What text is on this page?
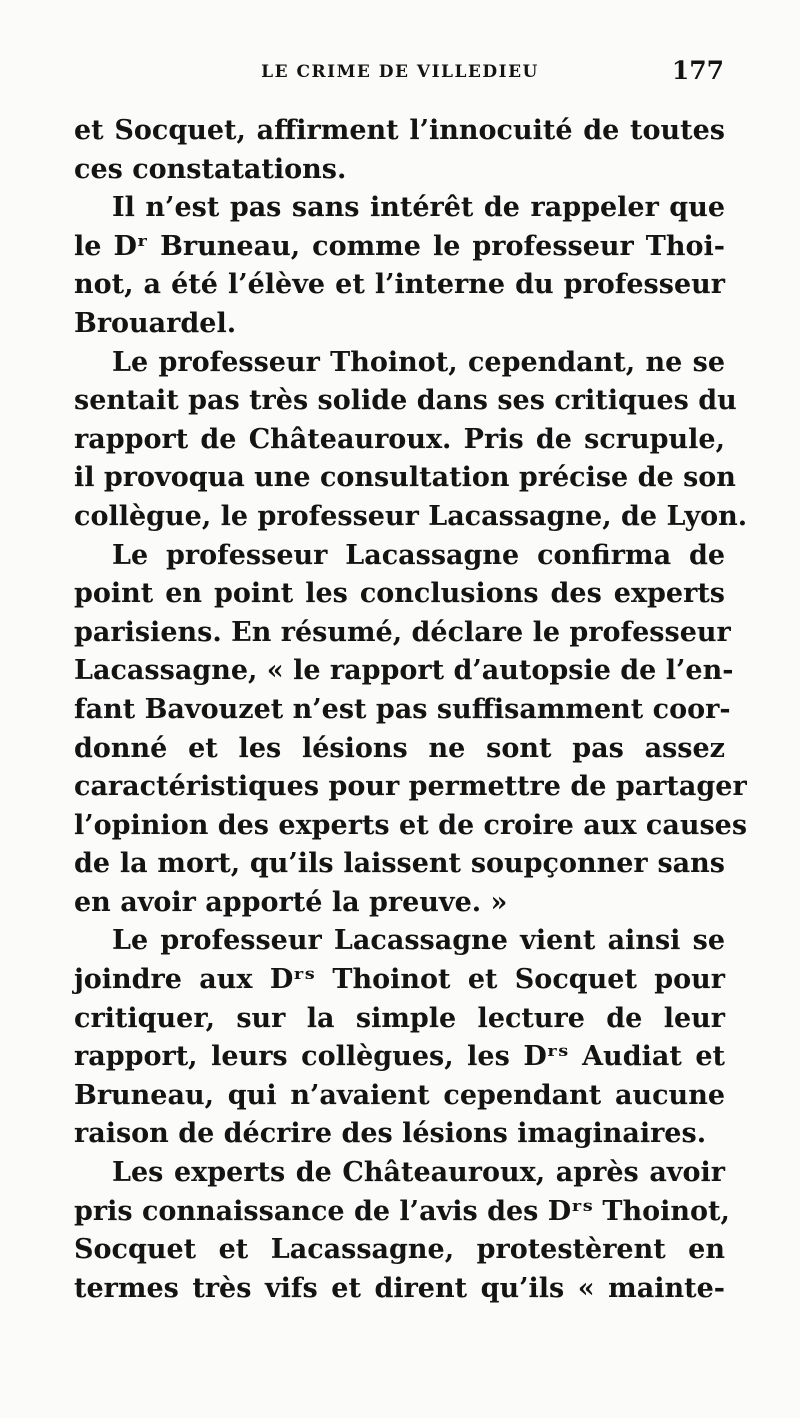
LE CRIME DE VILLEDIEU	177
et Socquet, affirment l’innocuité de toutes
ces constatations.
Il n’est pas sans intérêt de rappeler que
le Dʳ Bruneau, comme le professeur Thoi-
not, a été l’élève et l’interne du professeur
Brouardel.
Le professeur Thoinot, cependant, ne se
sentait pas très solide dans ses critiques du
rapport de Châteauroux. Pris de scrupule,
il provoqua une consultation précise de son
collègue, le professeur Lacassagne, de Lyon.
Le professeur Lacassagne confirma de
point en point les conclusions des experts
parisiens. En résumé, déclare le professeur
Lacassagne, « le rapport d’autopsie de l’en-
fant Bavouzet n’est pas suffisamment coor-
donné et les lésions ne sont pas assez
caractéristiques pour permettre de partager
l’opinion des experts et de croire aux causes
de la mort, qu’ils laissent soupçonner sans
en avoir apporté la preuve. »
Le professeur Lacassagne vient ainsi se
joindre aux Dʳˢ Thoinot et Socquet pour
critiquer, sur la simple lecture de leur
rapport, leurs collègues, les Dʳˢ Audiat et
Bruneau, qui n’avaient cependant aucune
raison de décrire des lésions imaginaires.
Les experts de Châteauroux, après avoir
pris connaissance de l’avis des Dʳˢ Thoinot,
Socquet et Lacassagne, protestèrent en
termes très vifs et dirent qu’ils « mainte-
